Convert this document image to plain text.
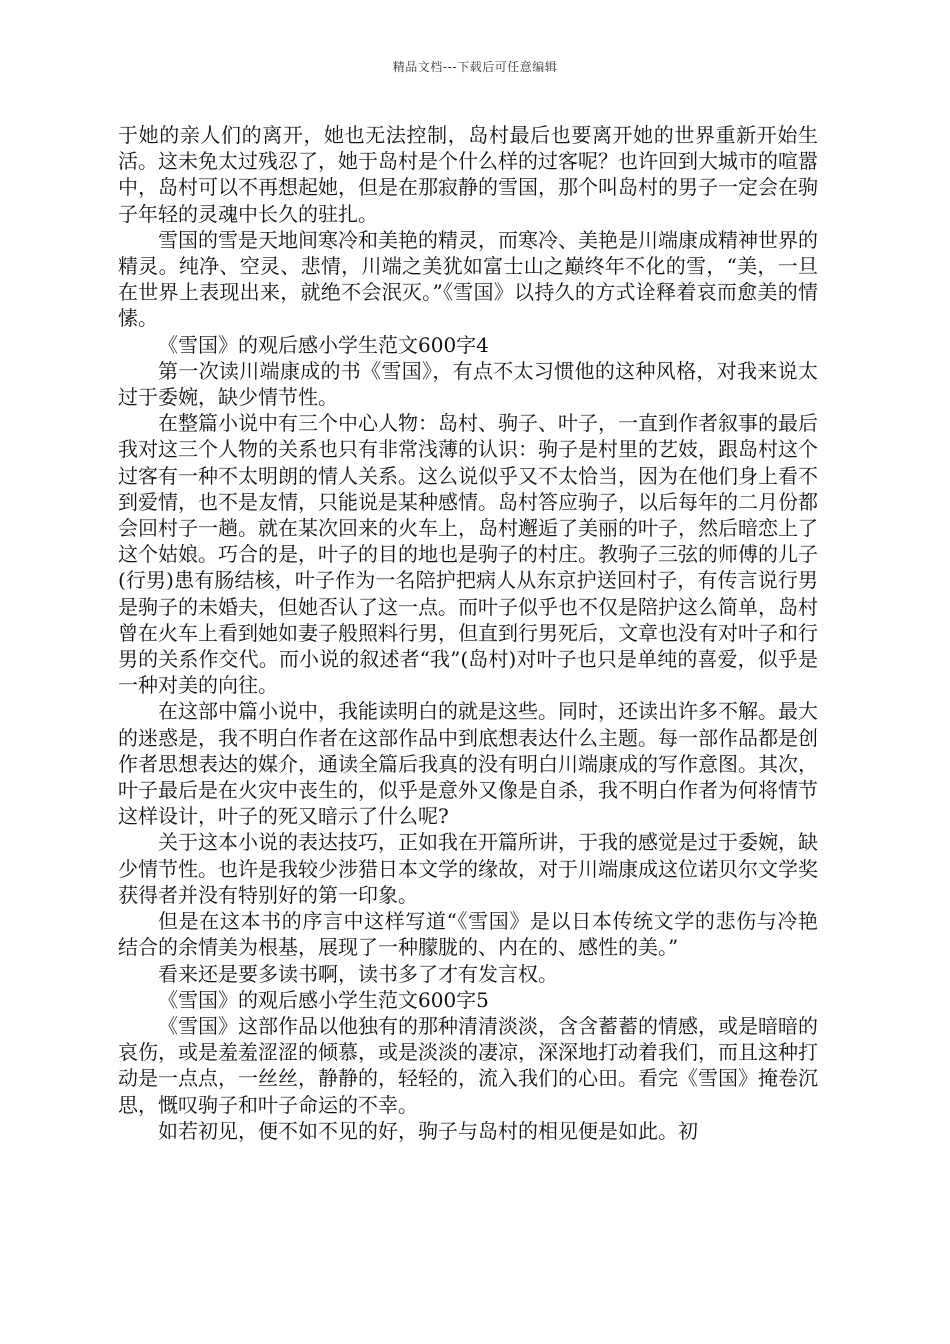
精品文档---下载后可任意编辑

于她的亲人们的离开，她也无法控制，岛村最后也要离开她的世界重新开始生活。这未免太过残忍了，她于岛村是个什么样的过客呢？也许回到大城市的喧嚣中，岛村可以不再想起她，但是在那寂静的雪国，那个叫岛村的男子一定会在驹子年轻的灵魂中长久的驻扎。

雪国的雪是天地间寒冷和美艳的精灵，而寒冷、美艳是川端康成精神世界的精灵。纯净、空灵、悲情，川端之美犹如富士山之巅终年不化的雪，“美，一旦在世界上表现出来，就绝不会泯灭。”《雪国》以持久的方式诠释着哀而愈美的情愫。

《雪国》的观后感小学生范文600字4

第一次读川端康成的书《雪国》，有点不太习惯他的这种风格，对我来说太过于委婉，缺少情节性。

在整篇小说中有三个中心人物：岛村、驹子、叶子，一直到作者叙事的最后我对这三个人物的关系也只有非常浅薄的认识：驹子是村里的艺妓，跟岛村这个过客有一种不太明朗的情人关系。这么说似乎又不太恰当，因为在他们身上看不到爱情，也不是友情，只能说是某种感情。岛村答应驹子，以后每年的二月份都会回村子一趟。就在某次回来的火车上，岛村邂逅了美丽的叶子，然后暗恋上了这个姑娘。巧合的是，叶子的目的地也是驹子的村庄。教驹子三弦的师傅的儿子(行男)患有肠结核，叶子作为一名陪护把病人从东京护送回村子，有传言说行男是驹子的未婚夫，但她否认了这一点。而叶子似乎也不仅是陪护这么简单，岛村曾在火车上看到她如妻子般照料行男，但直到行男死后，文章也没有对叶子和行男的关系作交代。而小说的叙述者“我”(岛村)对叶子也只是单纯的喜爱，似乎是一种对美的向往。

在这部中篇小说中，我能读明白的就是这些。同时，还读出许多不解。最大的迷惑是，我不明白作者在这部作品中到底想表达什么主题。每一部作品都是创作者思想表达的媒介，通读全篇后我真的没有明白川端康成的写作意图。其次，叶子最后是在火灾中丧生的，似乎是意外又像是自杀，我不明白作者为何将情节这样设计，叶子的死又暗示了什么呢?

关于这本小说的表达技巧，正如我在开篇所讲，于我的感觉是过于委婉，缺少情节性。也许是我较少涉猎日本文学的缘故，对于川端康成这位诺贝尔文学奖获得者并没有特别好的第一印象。

但是在这本书的序言中这样写道“《雪国》是以日本传统文学的悲伤与冷艳结合的余情美为根基，展现了一种朦胧的、内在的、感性的美。”

看来还是要多读书啊，读书多了才有发言权。

《雪国》的观后感小学生范文600字5

《雪国》这部作品以他独有的那种清清淡淡，含含蓄蓄的情感，或是暗暗的哀伤，或是羞羞涩涩的倾慕，或是淡淡的凄凉，深深地打动着我们，而且这种打动是一点点，一丝丝，静静的，轻轻的，流入我们的心田。看完《雪国》掩卷沉思，慨叹驹子和叶子命运的不幸。

如若初见，便不如不见的好，驹子与岛村的相见便是如此。初
